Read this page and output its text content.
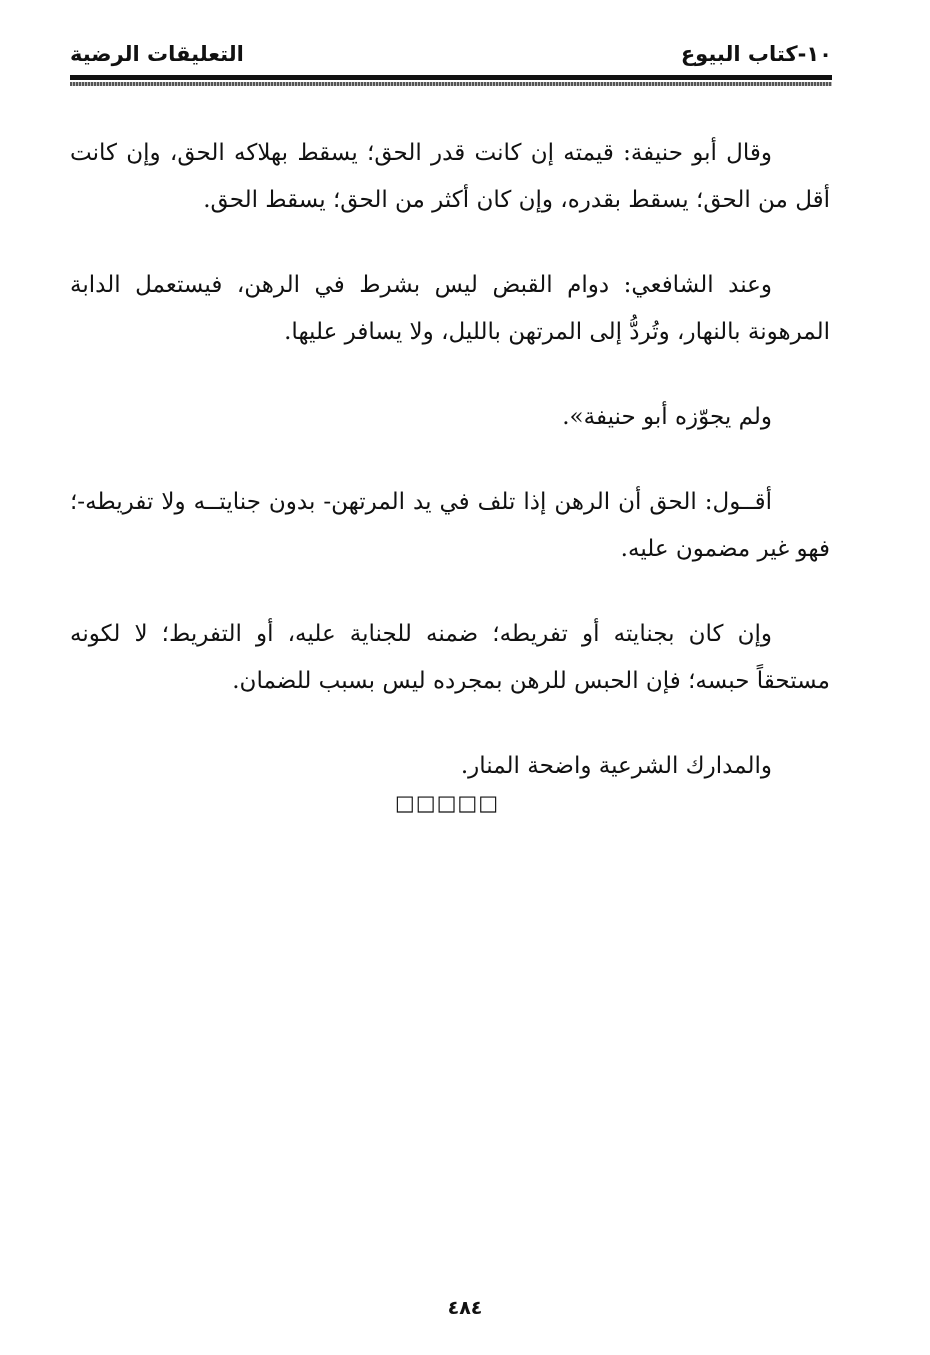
١٠-كتاب البيوع
التعليقات الرضية

وقال أبو حنيفة: قيمته إن كانت قدر الحق؛ يسقط بهلاكه الحق، وإن كانت أقل من الحق؛ يسقط بقدره، وإن كان أكثر من الحق؛ يسقط الحق.

وعند الشافعي: دوام القبض ليس بشرط في الرهن، فيستعمل الدابة المرهونة بالنهار، وتُردُّ إلى المرتهن بالليل، ولا يسافر عليها.

ولم يجوّزه أبو حنيفة».

أقــول: الحق أن الرهن إذا تلف في يد المرتهن- بدون جنايتــه ولا تفريطه-؛ فهو غير مضمون عليه.

وإن كان بجنايته أو تفريطه؛ ضمنه للجناية عليه، أو التفريط؛ لا لكونه مستحقاً حبسه؛ فإن الحبس للرهن بمجرده ليس بسبب للضمان.

والمدارك الشرعية واضحة المنار.

□□□□□
٤٨٤
